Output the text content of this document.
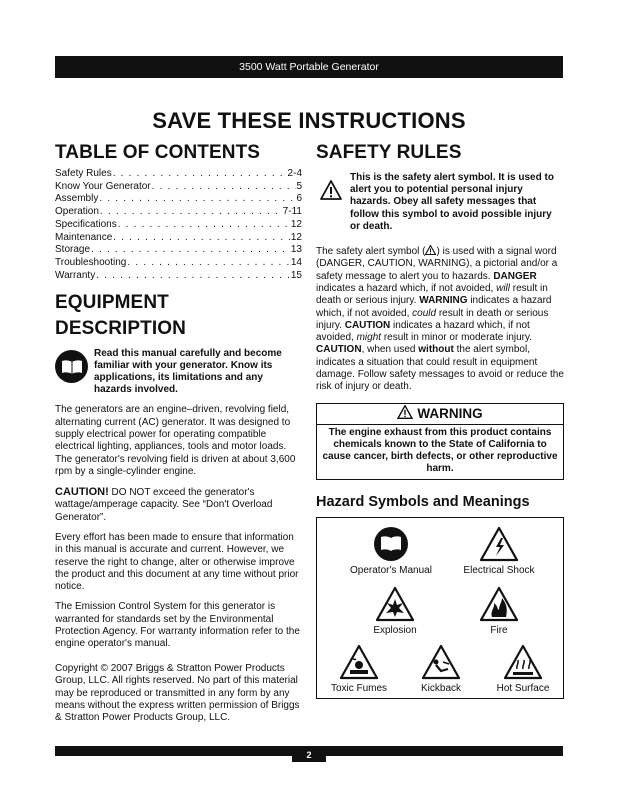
3500 Watt Portable Generator
SAVE THESE INSTRUCTIONS
TABLE OF CONTENTS
Safety Rules . . .	2-4
Know Your Generator . . .	5
Assembly . . .	6
Operation . . .	7-11
Specifications . . .	12
Maintenance . . .	12
Storage . . .	13
Troubleshooting . . .	14
Warranty . . .	15
EQUIPMENT DESCRIPTION
Read this manual carefully and become familiar with your generator. Know its applications, its limitations and any hazards involved.

The generators are an engine–driven, revolving field, alternating current (AC) generator. It was designed to supply electrical power for operating compatible electrical lighting, appliances, tools and motor loads. The generator's revolving field is driven at about 3,600 rpm by a single-cylinder engine.

CAUTION! DO NOT exceed the generator's wattage/amperage capacity. See “Don't Overload Generator”.

Every effort has been made to ensure that information in this manual is accurate and current. However, we reserve the right to change, alter or otherwise improve the product and this document at any time without prior notice.

The Emission Control System for this generator is warranted for standards set by the Environmental Protection Agency. For warranty information refer to the engine operator's manual.

Copyright © 2007 Briggs & Stratton Power Products Group, LLC. All rights reserved. No part of this material may be reproduced or transmitted in any form by any means without the express written permission of Briggs & Stratton Power Products Group, LLC.
SAFETY RULES
This is the safety alert symbol. It is used to alert you to potential personal injury hazards. Obey all safety messages that follow this symbol to avoid possible injury or death.

The safety alert symbol ( ) is used with a signal word (DANGER, CAUTION, WARNING), a pictorial and/or a safety message to alert you to hazards. DANGER indicates a hazard which, if not avoided, will result in death or serious injury. WARNING indicates a hazard which, if not avoided, could result in death or serious injury. CAUTION indicates a hazard which, if not avoided, might result in minor or moderate injury. CAUTION, when used without the alert symbol, indicates a situation that could result in equipment damage. Follow safety messages to avoid or reduce the risk of injury or death.

WARNING
The engine exhaust from this product contains chemicals known to the State of California to cause cancer, birth defects, or other reproductive harm.
Hazard Symbols and Meanings
Operator's Manual	Electrical Shock
Explosion	Fire
Toxic Fumes	Kickback	Hot Surface
2
